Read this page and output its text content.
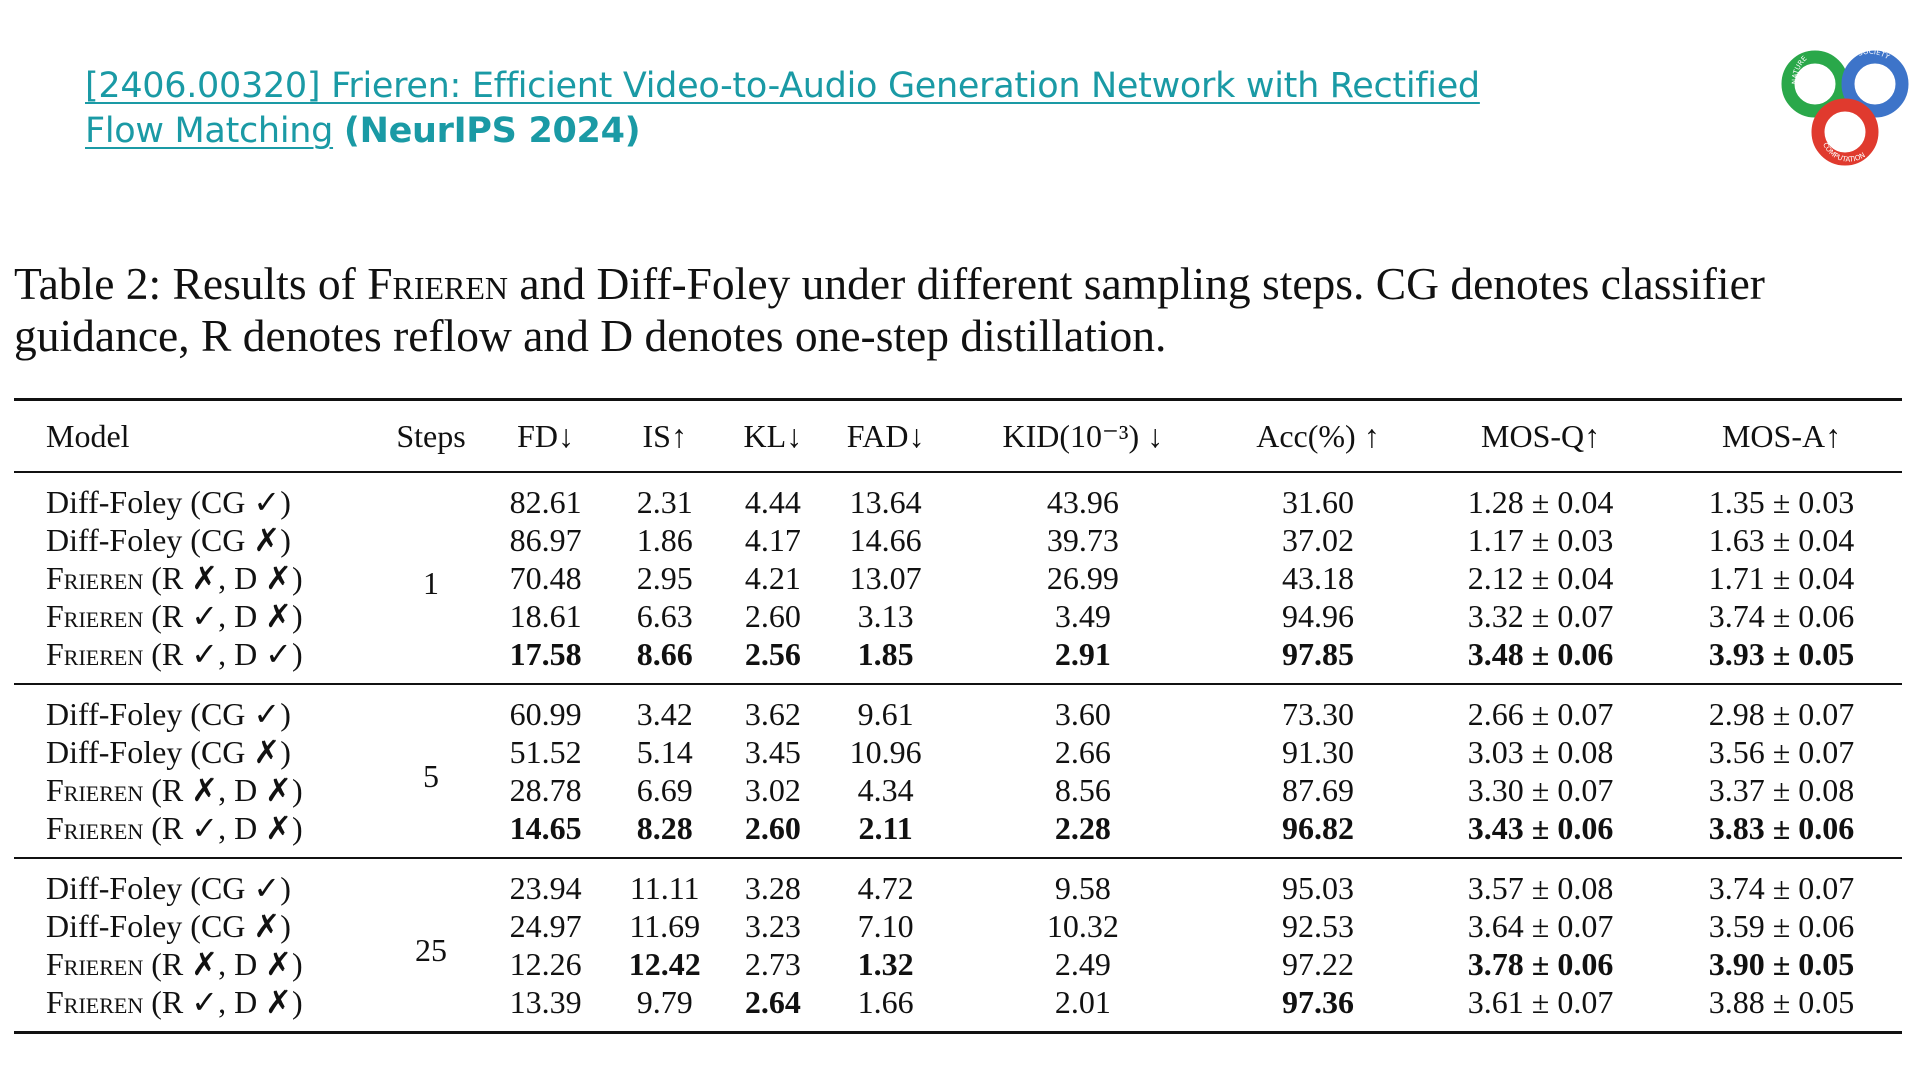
[2406.00320] Frieren: Efficient Video-to-Audio Generation Network with Rectified
Flow Matching (NeurIPS 2024)
NATURE
SOCIETY
COMPUTATION
Table 2: Results of Frieren and Diff-Foley under different sampling steps. CG denotes classifier guidance, R denotes reflow and D denotes one-step distillation.
Model	Steps	FD↓	IS↑	KL↓	FAD↓	KID(10⁻³) ↓	Acc(%) ↑	MOS-Q↑	MOS-A↑
Diff-Foley (CG ✓)	1	82.61	2.31	4.44	13.64	43.96	31.60	1.28 ± 0.04	1.35 ± 0.03
Diff-Foley (CG ✗)		86.97	1.86	4.17	14.66	39.73	37.02	1.17 ± 0.03	1.63 ± 0.04
Frieren (R ✗, D ✗)		70.48	2.95	4.21	13.07	26.99	43.18	2.12 ± 0.04	1.71 ± 0.04
Frieren (R ✓, D ✗)		18.61	6.63	2.60	3.13	3.49	94.96	3.32 ± 0.07	3.74 ± 0.06
Frieren (R ✓, D ✓)		17.58	8.66	2.56	1.85	2.91	97.85	3.48 ± 0.06	3.93 ± 0.05
Diff-Foley (CG ✓)	5	60.99	3.42	3.62	9.61	3.60	73.30	2.66 ± 0.07	2.98 ± 0.07
Diff-Foley (CG ✗)		51.52	5.14	3.45	10.96	2.66	91.30	3.03 ± 0.08	3.56 ± 0.07
Frieren (R ✗, D ✗)		28.78	6.69	3.02	4.34	8.56	87.69	3.30 ± 0.07	3.37 ± 0.08
Frieren (R ✓, D ✗)		14.65	8.28	2.60	2.11	2.28	96.82	3.43 ± 0.06	3.83 ± 0.06
Diff-Foley (CG ✓)	25	23.94	11.11	3.28	4.72	9.58	95.03	3.57 ± 0.08	3.74 ± 0.07
Diff-Foley (CG ✗)		24.97	11.69	3.23	7.10	10.32	92.53	3.64 ± 0.07	3.59 ± 0.06
Frieren (R ✗, D ✗)		12.26	12.42	2.73	1.32	2.49	97.22	3.78 ± 0.06	3.90 ± 0.05
Frieren (R ✓, D ✗)		13.39	9.79	2.64	1.66	2.01	97.36	3.61 ± 0.07	3.88 ± 0.05
